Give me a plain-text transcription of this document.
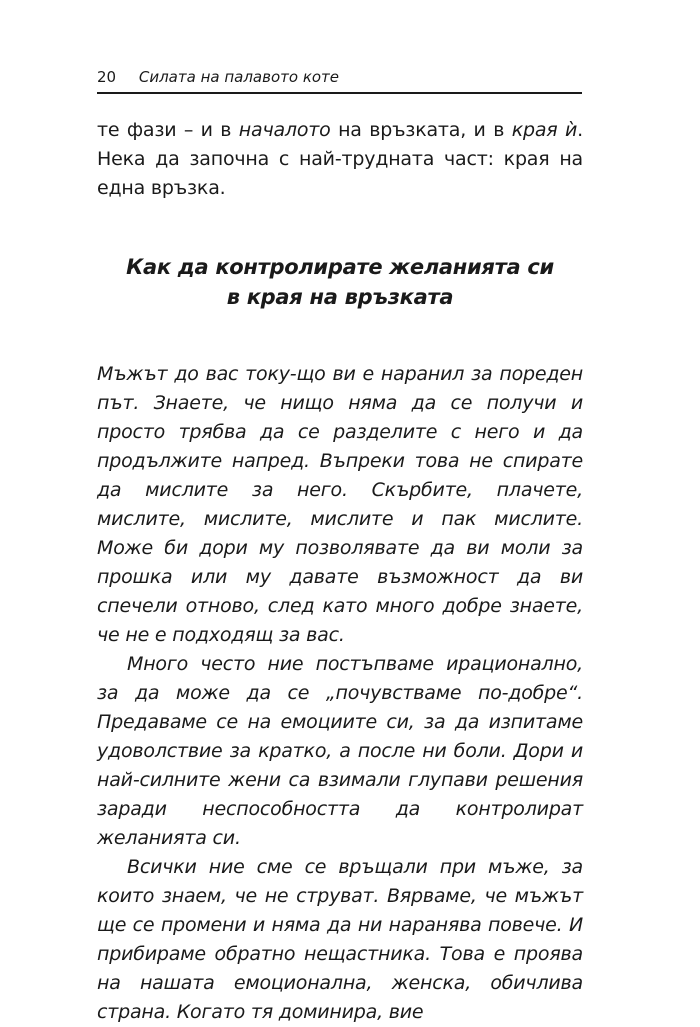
20 Силата на палавото коте
те фази – и в началото на връзката, и в края ѝ. Нека да започна с най-трудната част: края на една връзка.
Как да контролирате желанията си
в края на връзката

Мъжът до вас току-що ви е наранил за пореден път. Знаете, че нищо няма да се получи и просто трябва да се разделите с него и да продължите напред. Въпреки това не спирате да мислите за него. Скърбите, плачете, мислите, мислите, мислите и пак мислите. Може би дори му позволявате да ви моли за прошка или му давате възможност да ви спечели отново, след като много добре знаете, че не е подходящ за вас.

Много често ние постъпваме ирационално, за да може да се „почувстваме по-добре“. Предаваме се на емоциите си, за да изпитаме удоволствие за кратко, а после ни боли. Дори и най-силните жени са взимали глупави решения заради неспособността да контролират желанията си.

Всички ние сме се връщали при мъже, за които знаем, че не струват. Вярваме, че мъжът ще се промени и няма да ни наранява повече. И прибираме обратно нещастника. Това е проява на нашата емоционална, женска, обичлива страна. Когато тя доминира, вие
